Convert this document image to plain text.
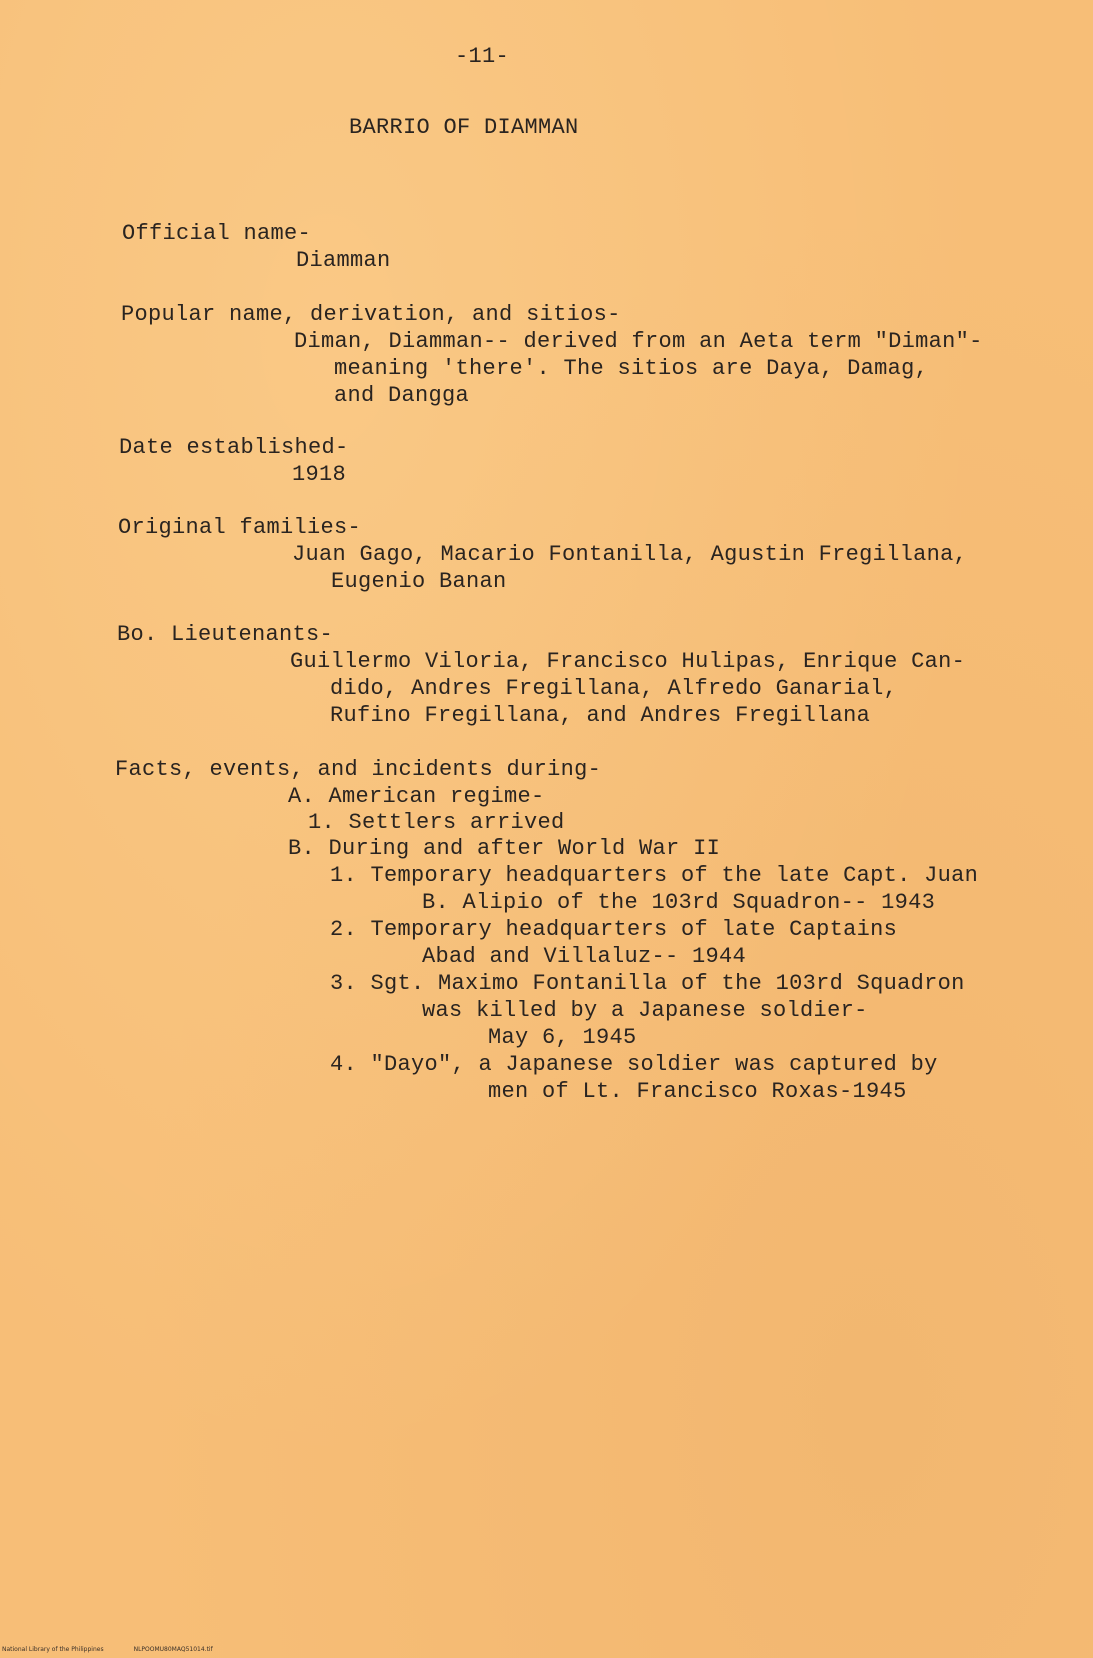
-11-
BARRIO OF DIAMMAN
Official name-
Diamman
Popular name, derivation, and sitios-
Diman, Diamman-- derived from an Aeta term "Diman"-
meaning 'there'. The sitios are Daya, Damag,
and Dangga
Date established-
1918
Original families-
Juan Gago, Macario Fontanilla, Agustin Fregillana,
Eugenio Banan
Bo. Lieutenants-
Guillermo Viloria, Francisco Hulipas, Enrique Can-
dido, Andres Fregillana, Alfredo Ganarial,
Rufino Fregillana, and Andres Fregillana
Facts, events, and incidents during-
A. American regime-
1. Settlers arrived
B. During and after World War II
1. Temporary headquarters of the late Capt. Juan
B. Alipio of the 103rd Squadron-- 1943
2. Temporary headquarters of late Captains
Abad and Villaluz-- 1944
3. Sgt. Maximo Fontanilla of the 103rd Squadron
was killed by a Japanese soldier-
May 6, 1945
4. "Dayo", a Japanese soldier was captured by
men of Lt. Francisco Roxas-1945
National Library of the Philippines	NLPOOMU80MAQ51014.tif
